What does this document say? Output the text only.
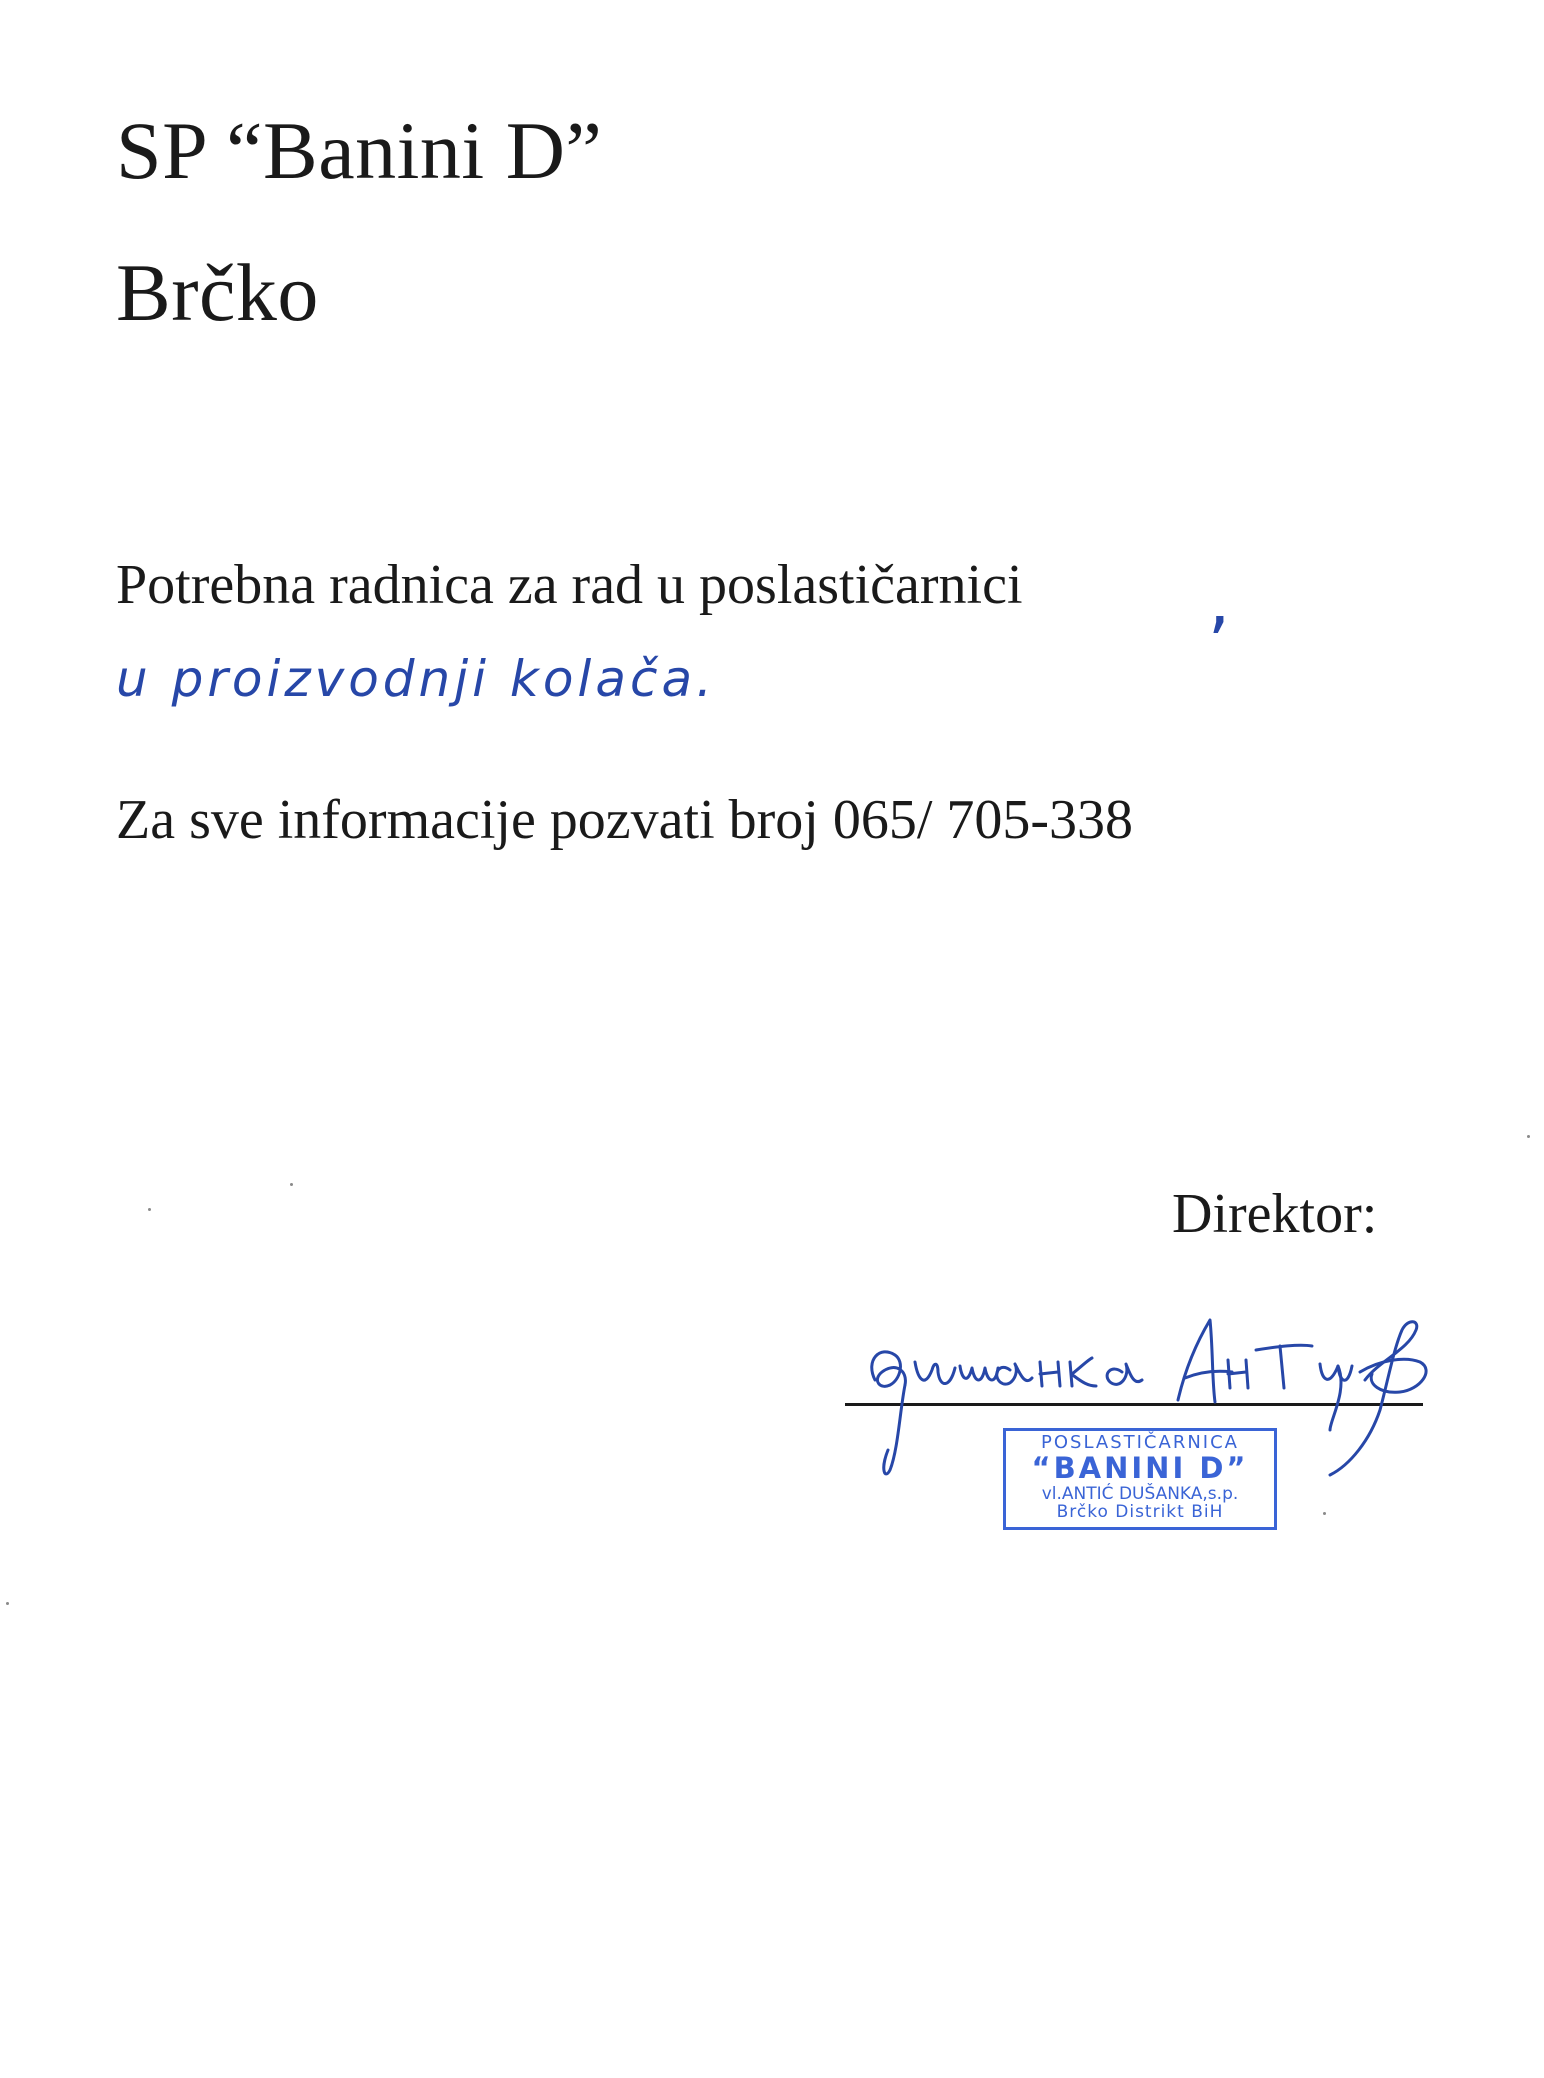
SP “Banini D”
Brčko

Potrebna radnica za rad u poslastičarnici	,
u proizvodnji kolača.

Za sve informacije pozvati broj 065/ 705-338

Direktor:

POSLASTIČARNICA
“BANINI D”
vl.ANTIĆ DUŠANKA,s.p.
Brčko Distrikt BiH
